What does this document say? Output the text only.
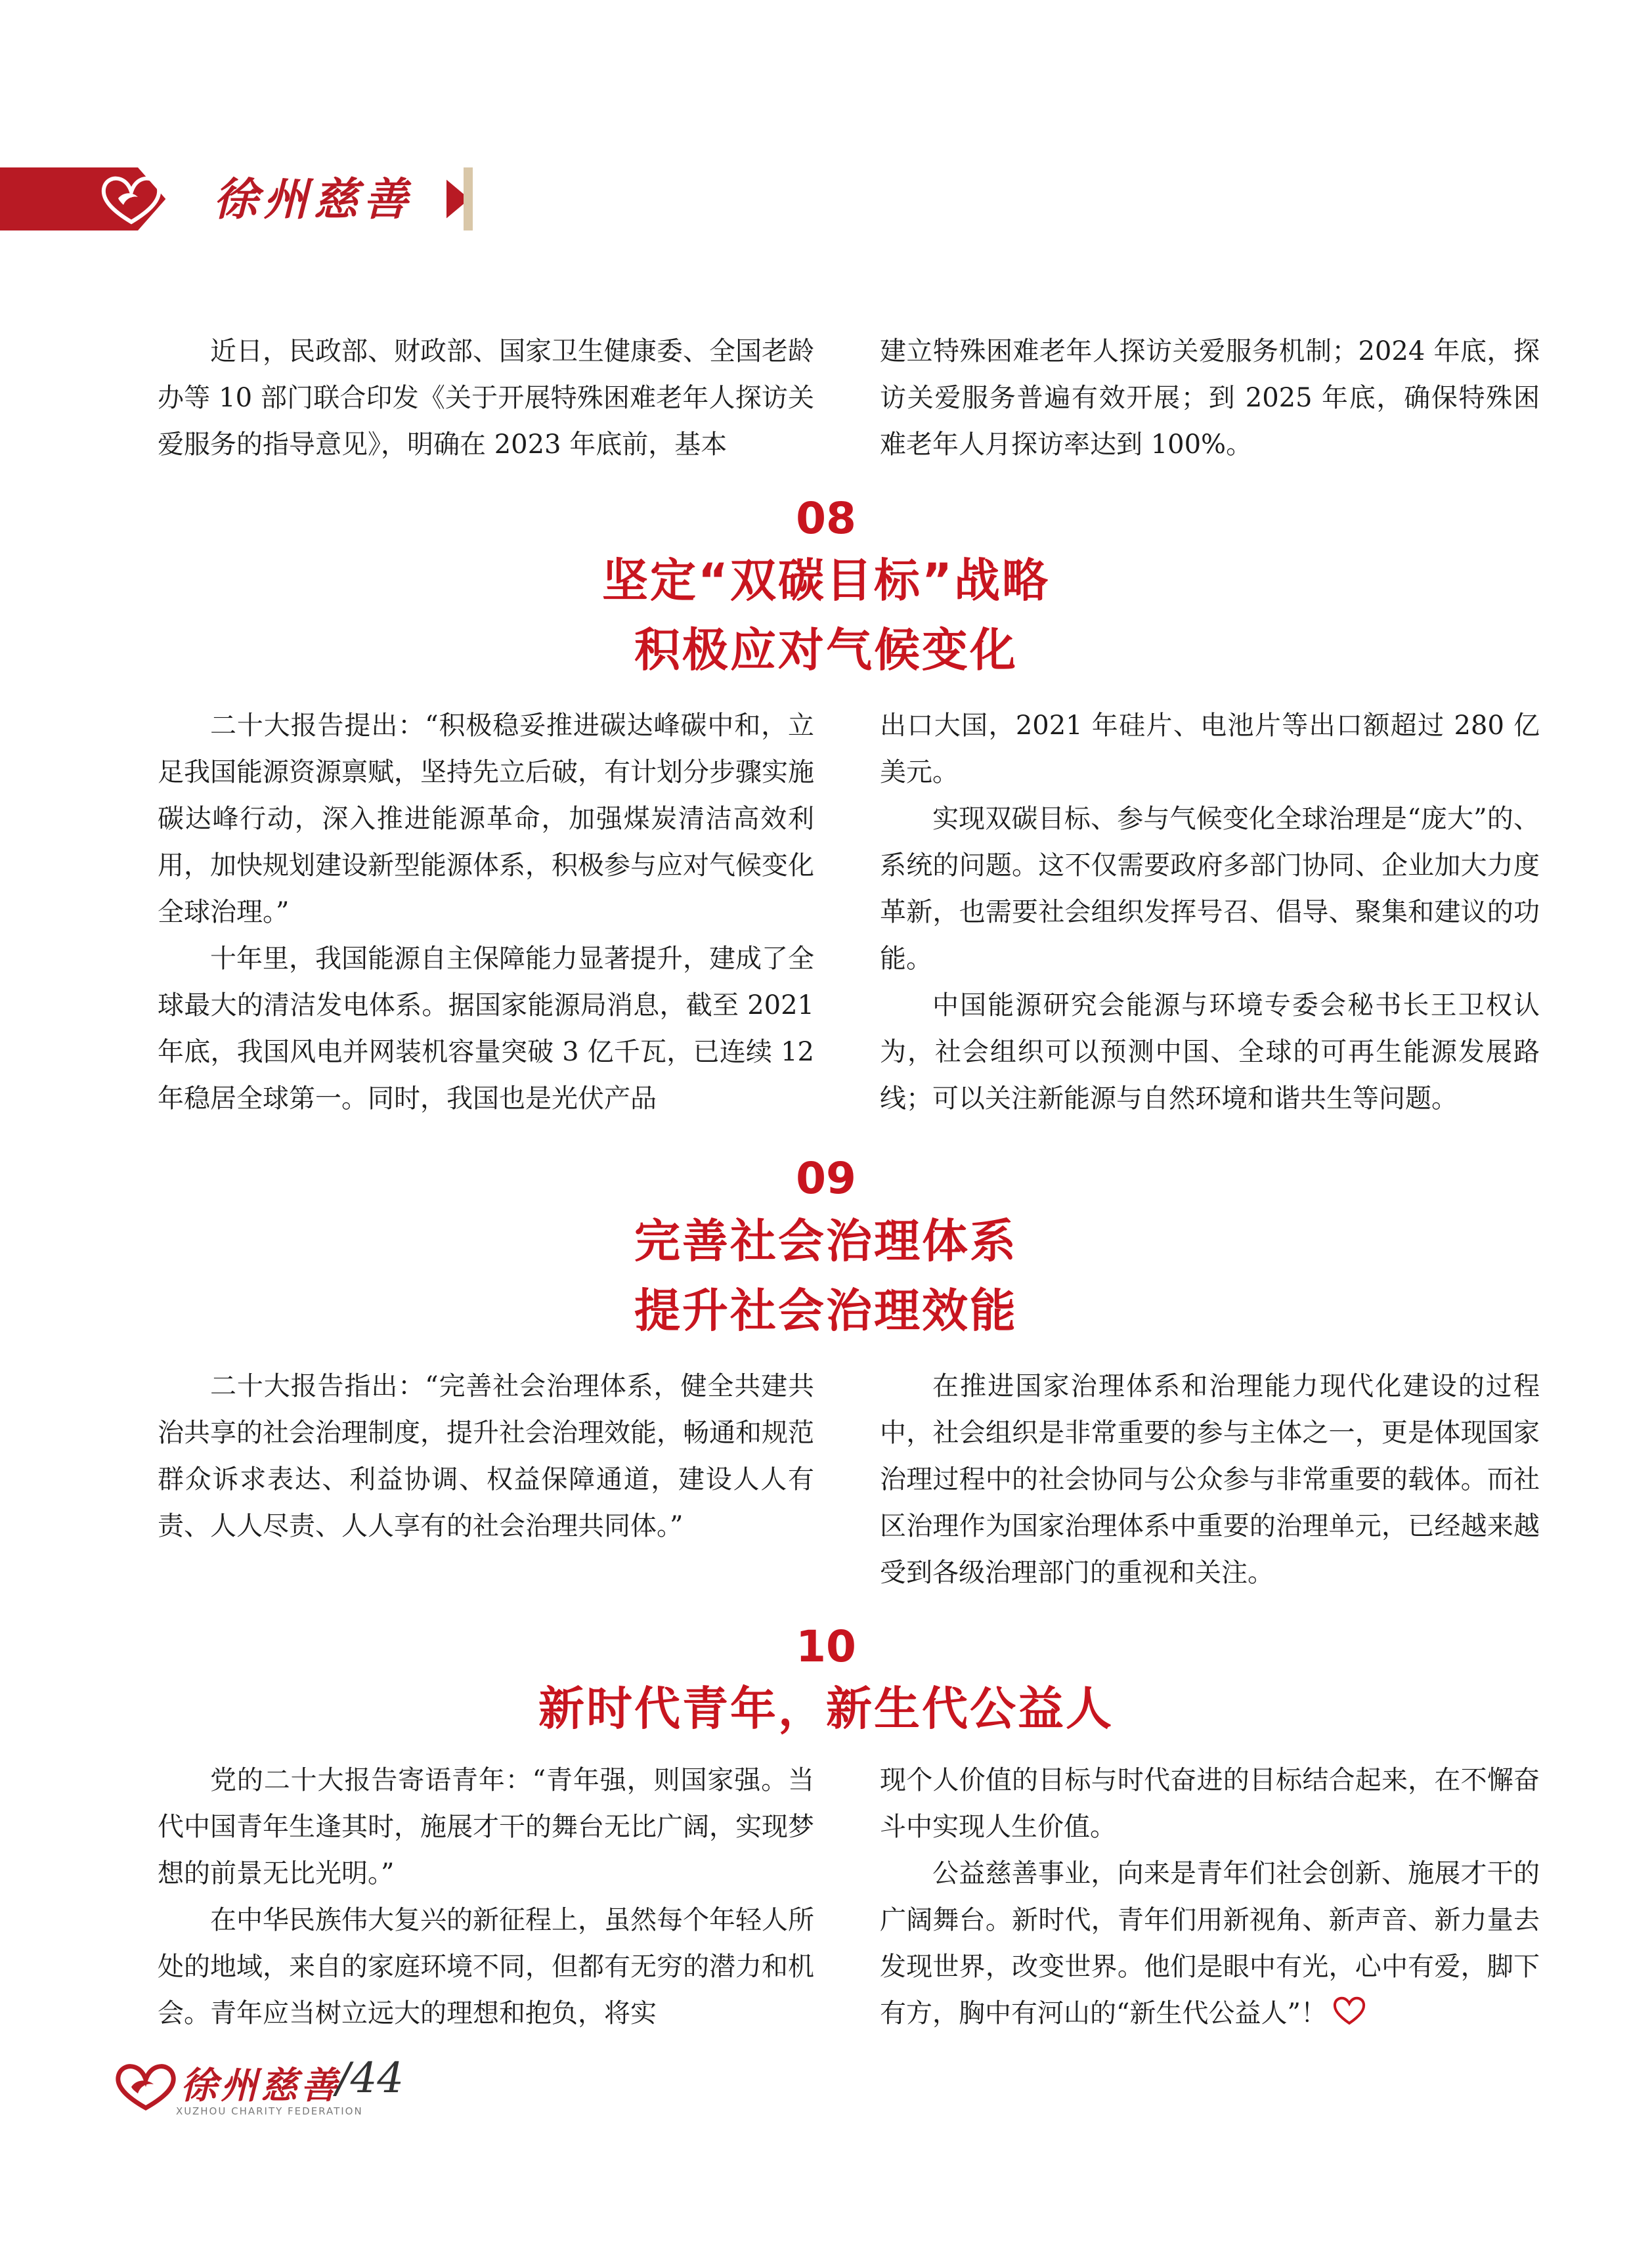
徐州慈善

近日，民政部、财政部、国家卫生健康委、全国老龄办等 10 部门联合印发《关于开展特殊困难老年人探访关爱服务的指导意见》，明确在 2023 年底前，基本

建立特殊困难老年人探访关爱服务机制；2024 年底，探访关爱服务普遍有效开展；到 2025 年底，确保特殊困难老年人月探访率达到 100%。

08
坚定“双碳目标”战略
积极应对气候变化

二十大报告提出：“积极稳妥推进碳达峰碳中和，立足我国能源资源禀赋，坚持先立后破，有计划分步骤实施碳达峰行动，深入推进能源革命，加强煤炭清洁高效利用，加快规划建设新型能源体系，积极参与应对气候变化全球治理。”

十年里，我国能源自主保障能力显著提升，建成了全球最大的清洁发电体系。据国家能源局消息，截至 2021 年底，我国风电并网装机容量突破 3 亿千瓦，已连续 12 年稳居全球第一。同时，我国也是光伏产品

出口大国，2021 年硅片、电池片等出口额超过 280 亿美元。

实现双碳目标、参与气候变化全球治理是“庞大”的、系统的问题。这不仅需要政府多部门协同、企业加大力度革新，也需要社会组织发挥号召、倡导、聚集和建议的功能。

中国能源研究会能源与环境专委会秘书长王卫权认为，社会组织可以预测中国、全球的可再生能源发展路线；可以关注新能源与自然环境和谐共生等问题。

09
完善社会治理体系
提升社会治理效能

二十大报告指出：“完善社会治理体系，健全共建共治共享的社会治理制度，提升社会治理效能，畅通和规范群众诉求表达、利益协调、权益保障通道，建设人人有责、人人尽责、人人享有的社会治理共同体。”

在推进国家治理体系和治理能力现代化建设的过程中，社会组织是非常重要的参与主体之一，更是体现国家治理过程中的社会协同与公众参与非常重要的载体。而社区治理作为国家治理体系中重要的治理单元，已经越来越受到各级治理部门的重视和关注。

10
新时代青年，新生代公益人

党的二十大报告寄语青年：“青年强，则国家强。当代中国青年生逢其时，施展才干的舞台无比广阔，实现梦想的前景无比光明。”

在中华民族伟大复兴的新征程上，虽然每个年轻人所处的地域，来自的家庭环境不同，但都有无穷的潜力和机会。青年应当树立远大的理想和抱负，将实

现个人价值的目标与时代奋进的目标结合起来，在不懈奋斗中实现人生价值。

公益慈善事业，向来是青年们社会创新、施展才干的广阔舞台。新时代，青年们用新视角、新声音、新力量去发现世界，改变世界。他们是眼中有光，心中有爱，脚下有方，胸中有河山的“新生代公益人”！

徐州慈善
XUZHOU CHARITY FEDERATION
/44
